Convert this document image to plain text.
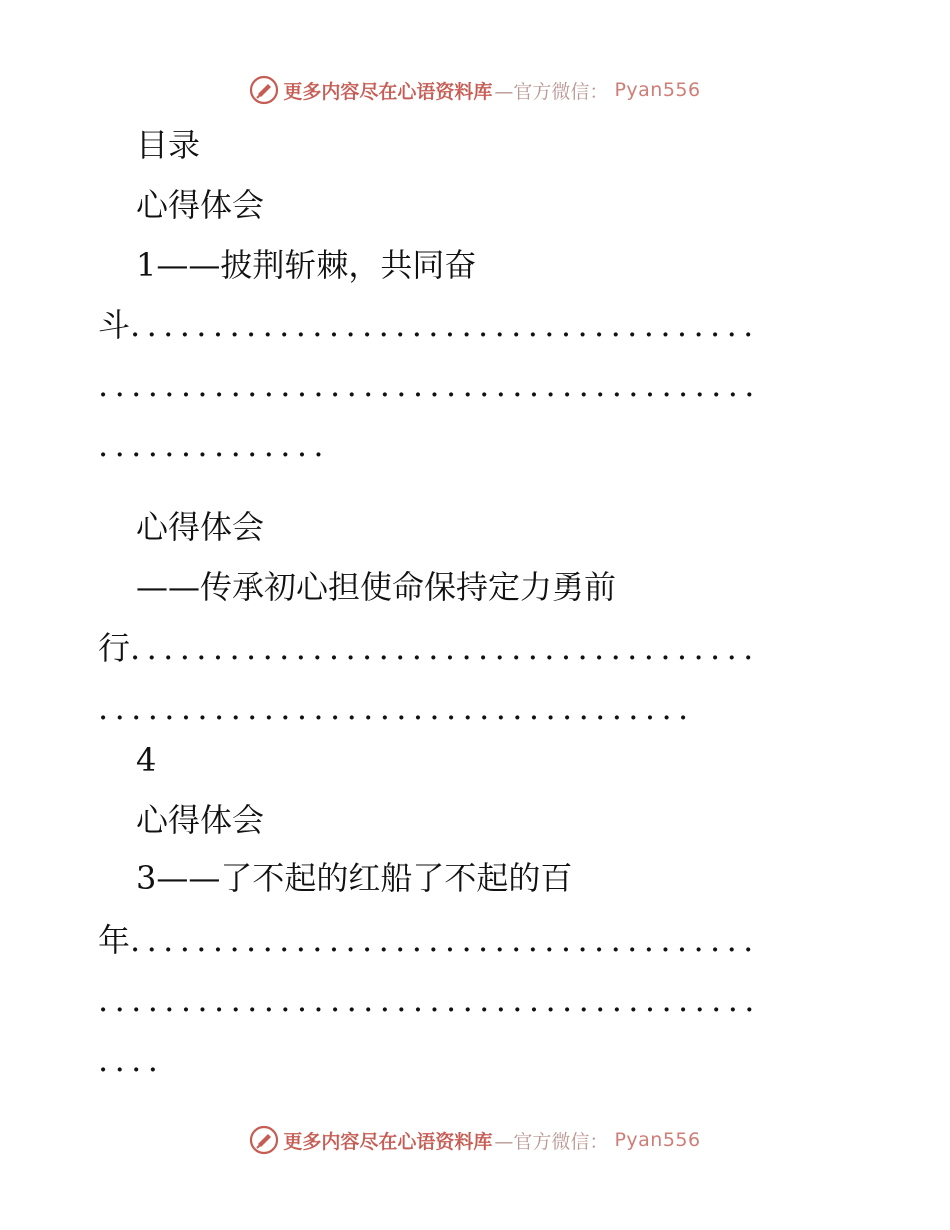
更多内容尽在心语资料库 —官方微信： Pyan556
目录
心得体会
1——披荆斩棘，共同奋
斗......................................
........................................
..............
心得体会
——传承初心担使命保持定力勇前
行......................................
....................................
4
心得体会
3——了不起的红船了不起的百
年......................................
........................................
....
更多内容尽在心语资料库 —官方微信： Pyan556
